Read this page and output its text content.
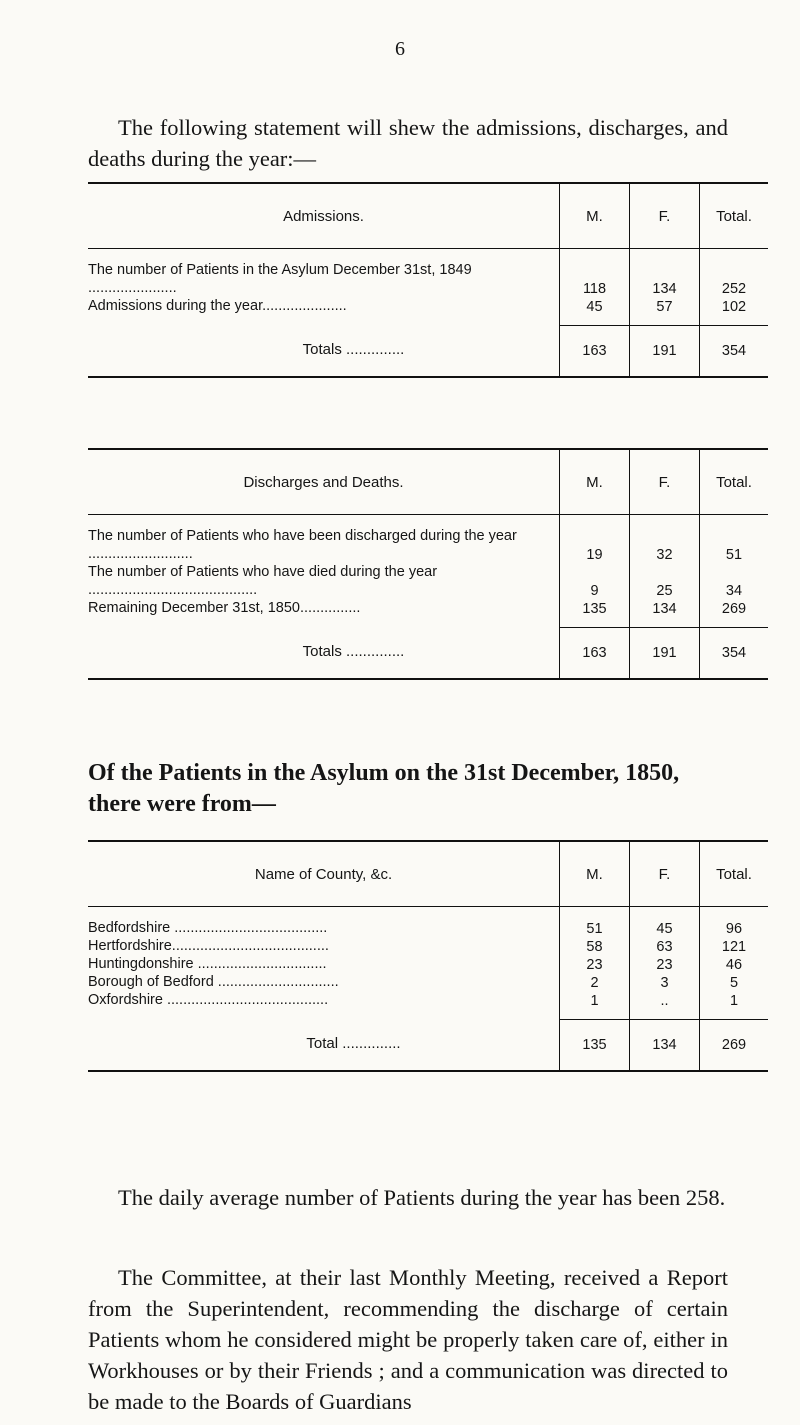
6

The following statement will shew the admissions, discharges, and deaths during the year:—

Admissions.	M.	F.	Total.
The number of Patients in the Asylum December 31st, 1849 ......................	118	134	252
Admissions during the year.....................	45	57	102
Totals ..............	163	191	354
Discharges and Deaths.	M.	F.	Total.
The number of Patients who have been discharged during the year ..........................	19	32	51
The number of Patients who have died during the year ..........................................	9	25	34
Remaining December 31st, 1850...............	135	134	269
Totals ..............	163	191	354

Of the Patients in the Asylum on the 31st December, 1850, there were from—

Name of County, &c.	M.	F.	Total.
Bedfordshire ......................................	51	45	96
Hertfordshire.......................................	58	63	121
Huntingdonshire ................................	23	23	46
Borough of Bedford ..............................	2	3	5
Oxfordshire ........................................	1	..	1
Total ..............	135	134	269

The daily average number of Patients during the year has been 258.

The Committee, at their last Monthly Meeting, received a Report from the Superintendent, recommending the discharge of certain Patients whom he considered might be properly taken care of, either in Workhouses or by their Friends ; and a communication was directed to be made to the Boards of Guardians
